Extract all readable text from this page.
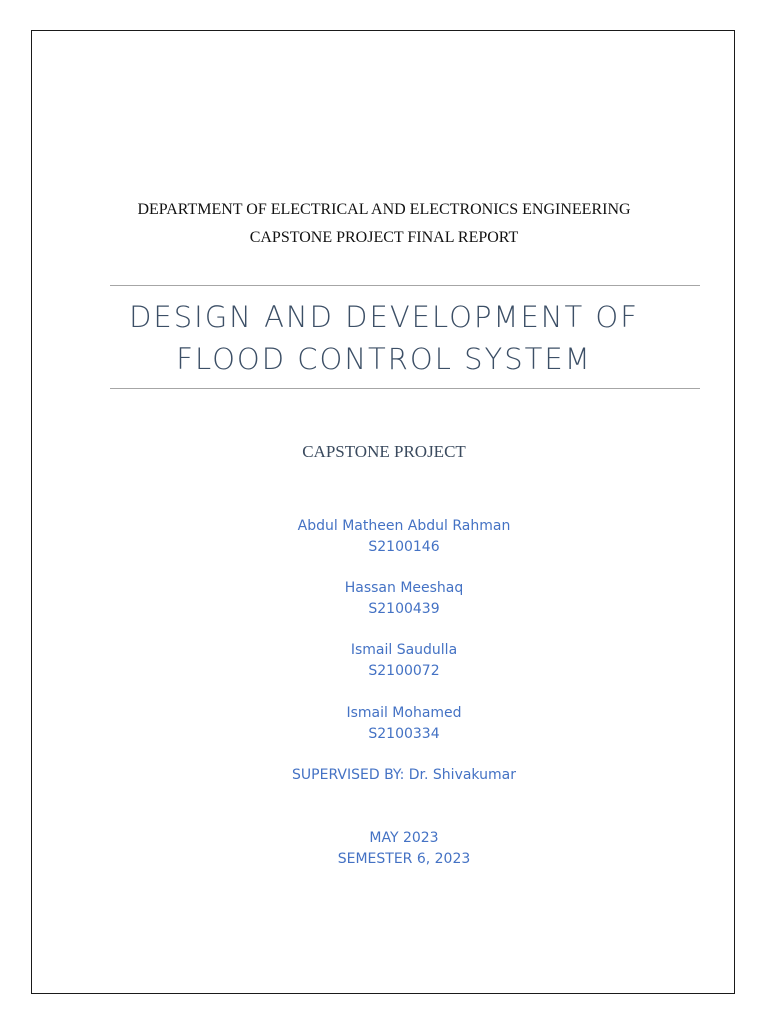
DEPARTMENT OF ELECTRICAL AND ELECTRONICS ENGINEERING
CAPSTONE PROJECT FINAL REPORT
DESIGN AND DEVELOPMENT OF
FLOOD CONTROL SYSTEM
CAPSTONE PROJECT
Abdul Matheen Abdul Rahman
S2100146
Hassan Meeshaq
S2100439
Ismail Saudulla
S2100072
Ismail Mohamed
S2100334
SUPERVISED BY: Dr. Shivakumar
MAY 2023
SEMESTER 6, 2023
